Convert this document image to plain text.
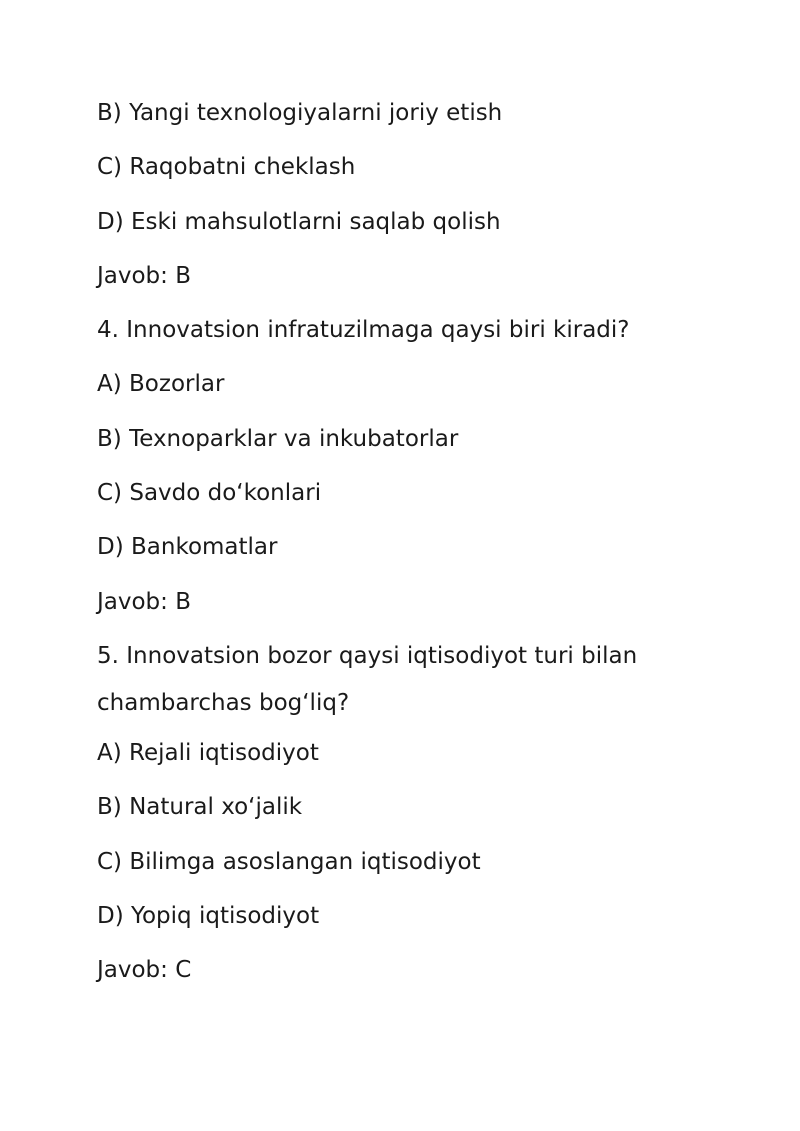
B) Yangi texnologiyalarni joriy etish

C) Raqobatni cheklash

D) Eski mahsulotlarni saqlab qolish

Javob: B

4. Innovatsion infratuzilmaga qaysi biri kiradi?

A) Bozorlar

B) Texnoparklar va inkubatorlar

C) Savdo do‘konlari

D) Bankomatlar

Javob: B

5. Innovatsion bozor qaysi iqtisodiyot turi bilan chambarchas bog‘liq?

A) Rejali iqtisodiyot

B) Natural xo‘jalik

C) Bilimga asoslangan iqtisodiyot

D) Yopiq iqtisodiyot

Javob: C
